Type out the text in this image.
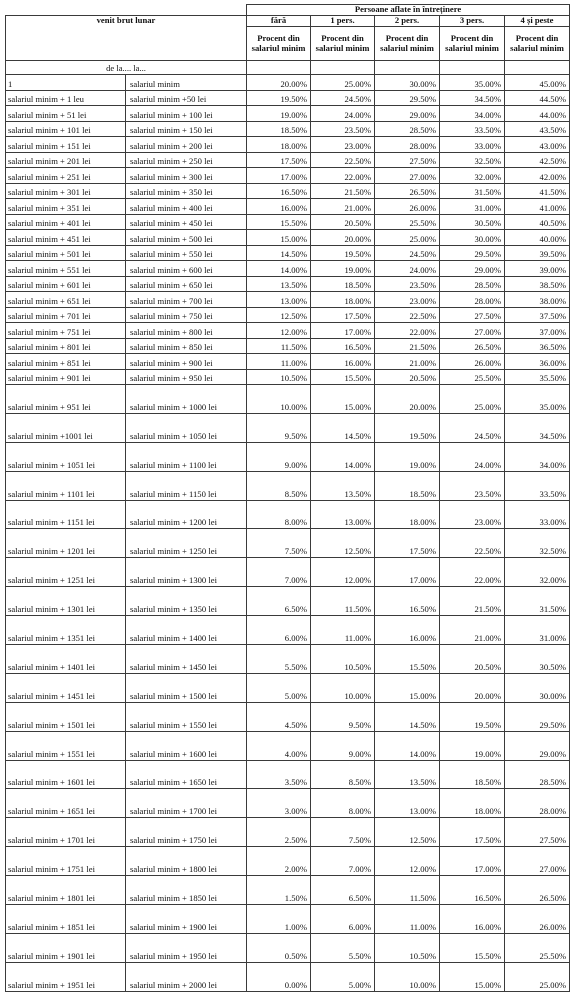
		Persoane aflate în întreținere				
venit brut lunar		fără	1 pers.	2 pers.	3 pers.	4 și peste
		Procent din salariul minim	Procent din salariul minim	Procent din salariul minim	Procent din salariul minim	Procent din salariul minim
de la.... la...						
1	salariul minim	20.00%	25.00%	30.00%	35.00%	45.00%
salariul minim + 1 leu	salariul minim +50 lei	19.50%	24.50%	29.50%	34.50%	44.50%
salariul minim + 51 lei	salariul minim + 100 lei	19.00%	24.00%	29.00%	34.00%	44.00%
salariul minim + 101 lei	salariul minim + 150 lei	18.50%	23.50%	28.50%	33.50%	43.50%
salariul minim + 151 lei	salariul minim + 200 lei	18.00%	23.00%	28.00%	33.00%	43.00%
salariul minim + 201 lei	salariul minim + 250 lei	17.50%	22.50%	27.50%	32.50%	42.50%
salariul minim + 251 lei	salariul minim + 300 lei	17.00%	22.00%	27.00%	32.00%	42.00%
salariul minim + 301 lei	salariul minim + 350 lei	16.50%	21.50%	26.50%	31.50%	41.50%
salariul minim + 351 lei	salariul minim + 400 lei	16.00%	21.00%	26.00%	31.00%	41.00%
salariul minim + 401 lei	salariul minim + 450 lei	15.50%	20.50%	25.50%	30.50%	40.50%
salariul minim + 451 lei	salariul minim + 500 lei	15.00%	20.00%	25.00%	30.00%	40.00%
salariul minim + 501 lei	salariul minim + 550 lei	14.50%	19.50%	24.50%	29.50%	39.50%
salariul minim + 551 lei	salariul minim + 600 lei	14.00%	19.00%	24.00%	29.00%	39.00%
salariul minim + 601 lei	salariul minim + 650 lei	13.50%	18.50%	23.50%	28.50%	38.50%
salariul minim + 651 lei	salariul minim + 700 lei	13.00%	18.00%	23.00%	28.00%	38.00%
salariul minim + 701 lei	salariul minim + 750 lei	12.50%	17.50%	22.50%	27.50%	37.50%
salariul minim + 751 lei	salariul minim + 800 lei	12.00%	17.00%	22.00%	27.00%	37.00%
salariul minim + 801 lei	salariul minim + 850 lei	11.50%	16.50%	21.50%	26.50%	36.50%
salariul minim + 851 lei	salariul minim + 900 lei	11.00%	16.00%	21.00%	26.00%	36.00%
salariul minim + 901 lei	salariul minim + 950 lei	10.50%	15.50%	20.50%	25.50%	35.50%
salariul minim + 951 lei	salariul minim + 1000 lei	10.00%	15.00%	20.00%	25.00%	35.00%
salariul minim +1001 lei	salariul minim + 1050 lei	9.50%	14.50%	19.50%	24.50%	34.50%
salariul minim + 1051 lei	salariul minim + 1100 lei	9.00%	14.00%	19.00%	24.00%	34.00%
salariul minim + 1101 lei	salariul minim + 1150 lei	8.50%	13.50%	18.50%	23.50%	33.50%
salariul minim + 1151 lei	salariul minim + 1200 lei	8.00%	13.00%	18.00%	23.00%	33.00%
salariul minim + 1201 lei	salariul minim + 1250 lei	7.50%	12.50%	17.50%	22.50%	32.50%
salariul minim + 1251 lei	salariul minim + 1300 lei	7.00%	12.00%	17.00%	22.00%	32.00%
salariul minim + 1301 lei	salariul minim + 1350 lei	6.50%	11.50%	16.50%	21.50%	31.50%
salariul minim + 1351 lei	salariul minim + 1400 lei	6.00%	11.00%	16.00%	21.00%	31.00%
salariul minim + 1401 lei	salariul minim + 1450 lei	5.50%	10.50%	15.50%	20.50%	30.50%
salariul minim + 1451 lei	salariul minim + 1500 lei	5.00%	10.00%	15.00%	20.00%	30.00%
salariul minim + 1501 lei	salariul minim + 1550 lei	4.50%	9.50%	14.50%	19.50%	29.50%
salariul minim + 1551 lei	salariul minim + 1600 lei	4.00%	9.00%	14.00%	19.00%	29.00%
salariul minim + 1601 lei	salariul minim + 1650 lei	3.50%	8.50%	13.50%	18.50%	28.50%
salariul minim + 1651 lei	salariul minim + 1700 lei	3.00%	8.00%	13.00%	18.00%	28.00%
salariul minim + 1701 lei	salariul minim + 1750 lei	2.50%	7.50%	12.50%	17.50%	27.50%
salariul minim + 1751 lei	salariul minim + 1800 lei	2.00%	7.00%	12.00%	17.00%	27.00%
salariul minim + 1801 lei	salariul minim + 1850 lei	1.50%	6.50%	11.50%	16.50%	26.50%
salariul minim + 1851 lei	salariul minim + 1900 lei	1.00%	6.00%	11.00%	16.00%	26.00%
salariul minim + 1901 lei	salariul minim + 1950 lei	0.50%	5.50%	10.50%	15.50%	25.50%
salariul minim + 1951 lei	salariul minim + 2000 lei	0.00%	5.00%	10.00%	15.00%	25.00%
